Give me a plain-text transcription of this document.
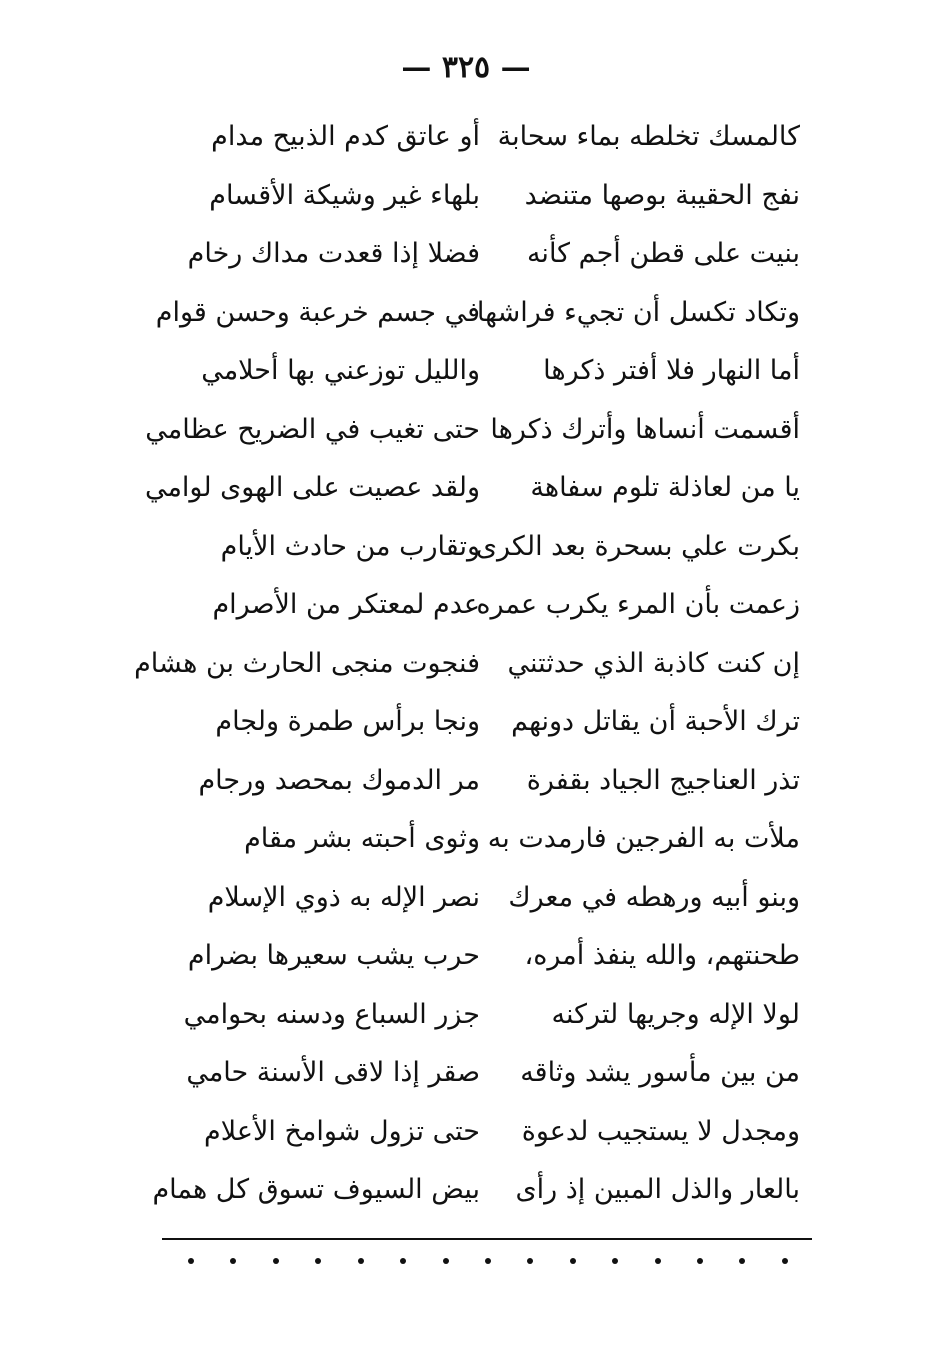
— ٣٢٥ —
كالمسك تخلطه بماء سحابة
أو عاتق كدم الذبيح مدام
نفج الحقيبة بوصها متنضد
بلهاء غير وشيكة الأقسام
بنيت على قطن أجم كأنه
فضلا إذا قعدت مداك رخام
وتكاد تكسل أن تجيء فراشها
في جسم خرعبة وحسن قوام
أما النهار فلا أفتر ذكرها
والليل توزعني بها أحلامي
أقسمت أنساها وأترك ذكرها
حتى تغيب في الضريح عظامي
يا من لعاذلة تلوم سفاهة
ولقد عصيت على الهوى لوامي
بكرت علي بسحرة بعد الكرى
وتقارب من حادث الأيام
زعمت بأن المرء يكرب عمره
عدم لمعتكر من الأصرام
إن كنت كاذبة الذي حدثتني
فنجوت منجى الحارث بن هشام
ترك الأحبة أن يقاتل دونهم
ونجا برأس طمرة ولجام
تذر العناجيج الجياد بقفرة
مر الدموك بمحصد ورجام
ملأت به الفرجين فارمدت به
وثوى أحبته بشر مقام
وبنو أبيه ورهطه في معرك
نصر الإله به ذوي الإسلام
طحنتهم، والله ينفذ أمره،
حرب يشب سعيرها بضرام
لولا الإله وجريها لتركنه
جزر السباع ودسنه بحوامي
من بين مأسور يشد وثاقه
صقر إذا لاقى الأسنة حامي
ومجدل لا يستجيب لدعوة
حتى تزول شوامخ الأعلام
بالعار والذل المبين إذ رأى
بيض السيوف تسوق كل همام
